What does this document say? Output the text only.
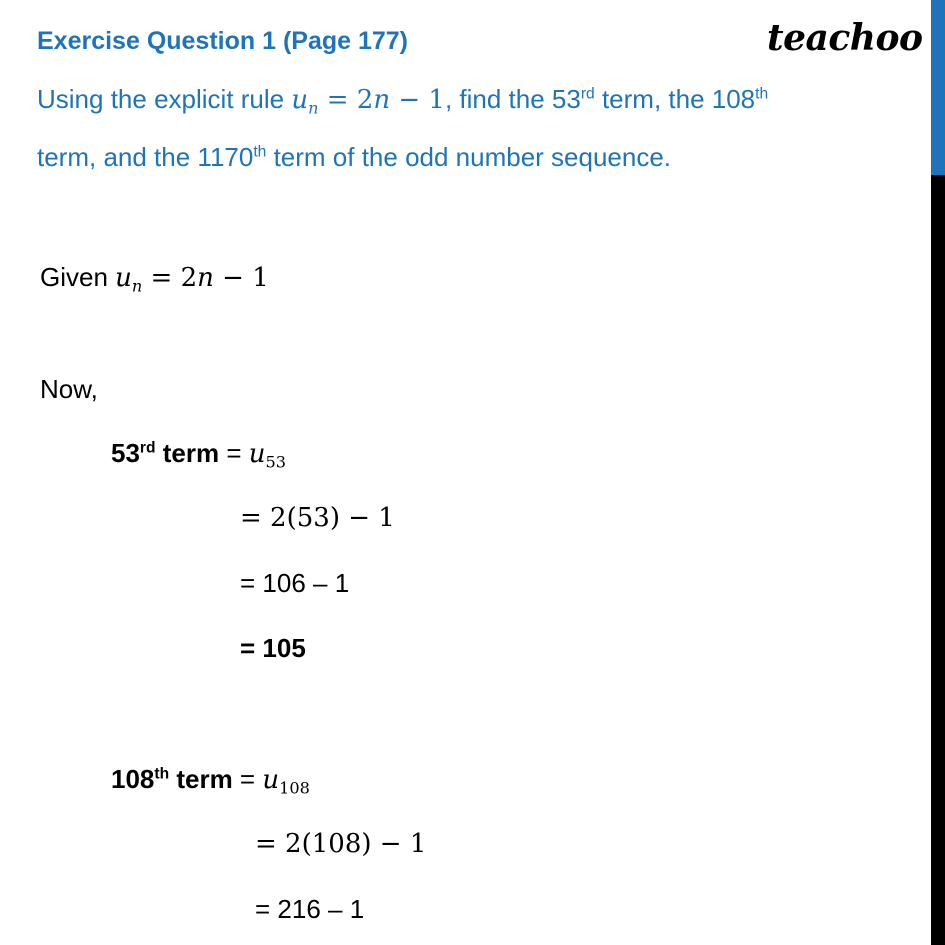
Exercise Question 1 (Page 177)	teachoo
Using the explicit rule $u_n = 2n - 1$, find the 53rd term, the 108th
term, and the 1170th term of the odd number sequence.
Given $u_n = 2n - 1$
Now,
53rd term = $u_{53}$
= 2(53) − 1
= 106 – 1
= 105
108th term = $u_{108}$
= 2(108) − 1
= 216 – 1
